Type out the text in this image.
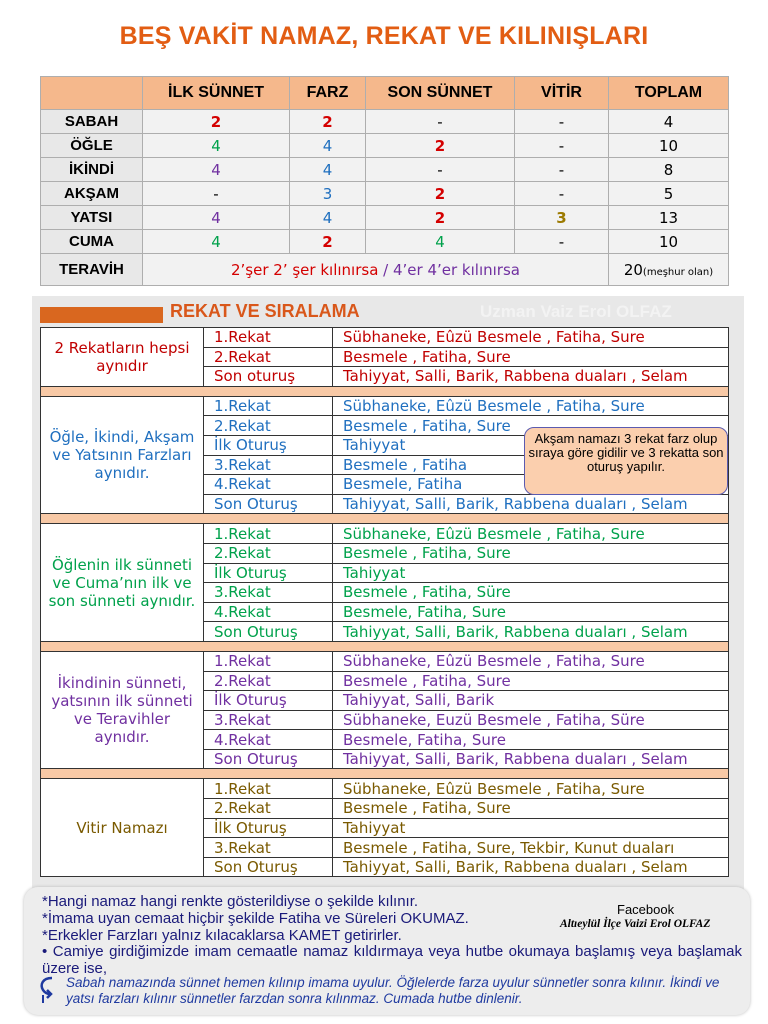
BEŞ VAKİT NAMAZ, REKAT VE KILINIŞLARI
	İLK SÜNNET	FARZ	SON SÜNNET	VİTİR	TOPLAM
SABAH	2	2	-	-	4
ÖĞLE	4	4	2	-	10
İKİNDİ	4	4	-	-	8
AKŞAM	-	3	2	-	5
YATSI	4	4	2	3	13
CUMA	4	2	4	-	10
TERAVİH	2’şer 2’ şer kılınırsa / 4’er 4’er kılınırsa				20(meşhur olan)
REKAT VE SIRALAMA	Uzman Vaiz Erol OLFAZ
2 Rekatların hepsi aynıdır	1.Rekat	Sübhaneke, Eûzü Besmele , Fatiha, Sure
	2.Rekat	Besmele , Fatiha, Sure
	Son oturuş	Tahiyyat, Salli, Barik, Rabbena duaları , Selam

Öğle, İkindi, Akşam ve Yatsının Farzları aynıdır.	1.Rekat	Sübhaneke, Eûzü Besmele , Fatiha, Sure
	2.Rekat	Besmele , Fatiha, Sure
	İlk Oturuş	Tahiyyat
	3.Rekat	Besmele , Fatiha
	4.Rekat	Besmele, Fatiha
	Son Oturuş	Tahiyyat, Salli, Barik, Rabbena duaları , Selam

Öğlenin ilk sünneti ve Cuma’nın ilk ve son sünneti aynıdır.	1.Rekat	Sübhaneke, Eûzü Besmele , Fatiha, Sure
	2.Rekat	Besmele , Fatiha, Sure
	İlk Oturuş	Tahiyyat
	3.Rekat	Besmele , Fatiha, Süre
	4.Rekat	Besmele, Fatiha, Sure
	Son Oturuş	Tahiyyat, Salli, Barik, Rabbena duaları , Selam

İkindinin sünneti, yatsının ilk sünneti ve Teravihler aynıdır.	1.Rekat	Sübhaneke, Eûzü Besmele , Fatiha, Sure
	2.Rekat	Besmele , Fatiha, Sure
	İlk Oturuş	Tahiyyat, Salli, Barik
	3.Rekat	Sübhaneke, Euzü Besmele , Fatiha, Süre
	4.Rekat	Besmele, Fatiha, Sure
	Son Oturuş	Tahiyyat, Salli, Barik, Rabbena duaları , Selam

Vitir Namazı	1.Rekat	Sübhaneke, Eûzü Besmele , Fatiha, Sure
	2.Rekat	Besmele , Fatiha, Sure
	İlk Oturuş	Tahiyyat
	3.Rekat	Besmele , Fatiha, Sure, Tekbir, Kunut duaları
	Son Oturuş	Tahiyyat, Salli, Barik, Rabbena duaları , Selam
Akşam namazı 3 rekat farz olup sıraya göre gidilir ve 3 rekatta son oturuş yapılır.
*Hangi namaz hangi renkte gösterildiyse o şekilde kılınır.
*İmama uyan cemaat hiçbir şekilde Fatiha ve Süreleri OKUMAZ.
*Erkekler Farzları yalnız kılacaklarsa KAMET getirirler.
• Camiye girdiğimizde imam cemaatle namaz kıldırmaya veya hutbe okumaya başlamış veya başlamak üzere ise,
Facebook
Altıeylül İlçe Vaizi Erol OLFAZ
Sabah namazında sünnet hemen kılınıp imama uyulur. Öğlelerde farza uyulur sünnetler sonra kılınır. İkindi ve yatsı farzları kılınır sünnetler farzdan sonra kılınmaz. Cumada hutbe dinlenir.
